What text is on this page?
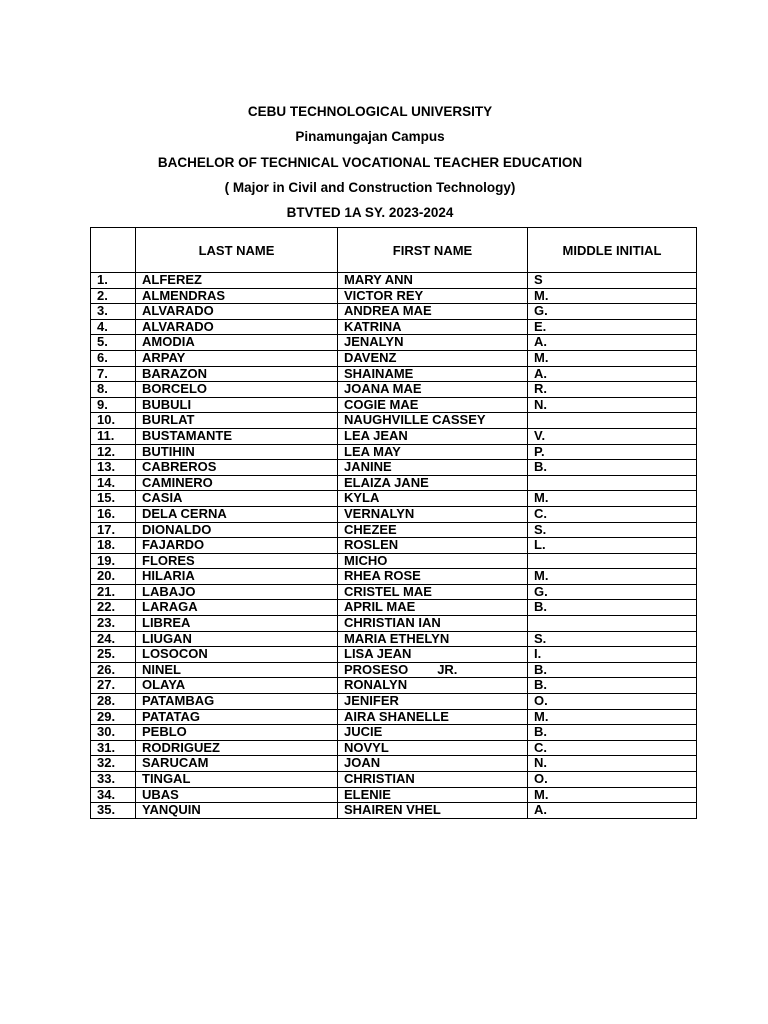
CEBU TECHNOLOGICAL UNIVERSITY
Pinamungajan Campus
BACHELOR OF TECHNICAL VOCATIONAL TEACHER EDUCATION
( Major in Civil and Construction Technology)
BTVTED 1A SY. 2023-2024
	LAST NAME	FIRST NAME	MIDDLE INITIAL
1.	ALFEREZ	MARY ANN	S
2.	ALMENDRAS	VICTOR REY	M.
3.	ALVARADO	ANDREA MAE	G.
4.	ALVARADO	KATRINA	E.
5.	AMODIA	JENALYN	A.
6.	ARPAY	DAVENZ	M.
7.	BARAZON	SHAINAME	A.
8.	BORCELO	JOANA MAE	R.
9.	BUBULI	COGIE MAE	N.
10.	BURLAT	NAUGHVILLE CASSEY	
11.	BUSTAMANTE	LEA JEAN	V.
12.	BUTIHIN	LEA MAY	P.
13.	CABREROS	JANINE	B.
14.	CAMINERO	ELAIZA JANE	
15.	CASIA	KYLA	M.
16.	DELA CERNA	VERNALYN	C.
17.	DIONALDO	CHEZEE	S.
18.	FAJARDO	ROSLEN	L.
19.	FLORES	MICHO	
20.	HILARIA	RHEA ROSE	M.
21.	LABAJO	CRISTEL MAE	G.
22.	LARAGA	APRIL MAE	B.
23.	LIBREA	CHRISTIAN IAN	
24.	LIUGAN	MARIA ETHELYN	S.
25.	LOSOCON	LISA JEAN	I.
26.	NINEL	PROSESO        JR.	B.
27.	OLAYA	RONALYN	B.
28.	PATAMBAG	JENIFER	O.
29.	PATATAG	AIRA SHANELLE	M.
30.	PEBLO	JUCIE	B.
31.	RODRIGUEZ	NOVYL	C.
32.	SARUCAM	JOAN	N.
33.	TINGAL	CHRISTIAN	O.
34.	UBAS	ELENIE	M.
35.	YANQUIN	SHAIREN VHEL	A.
